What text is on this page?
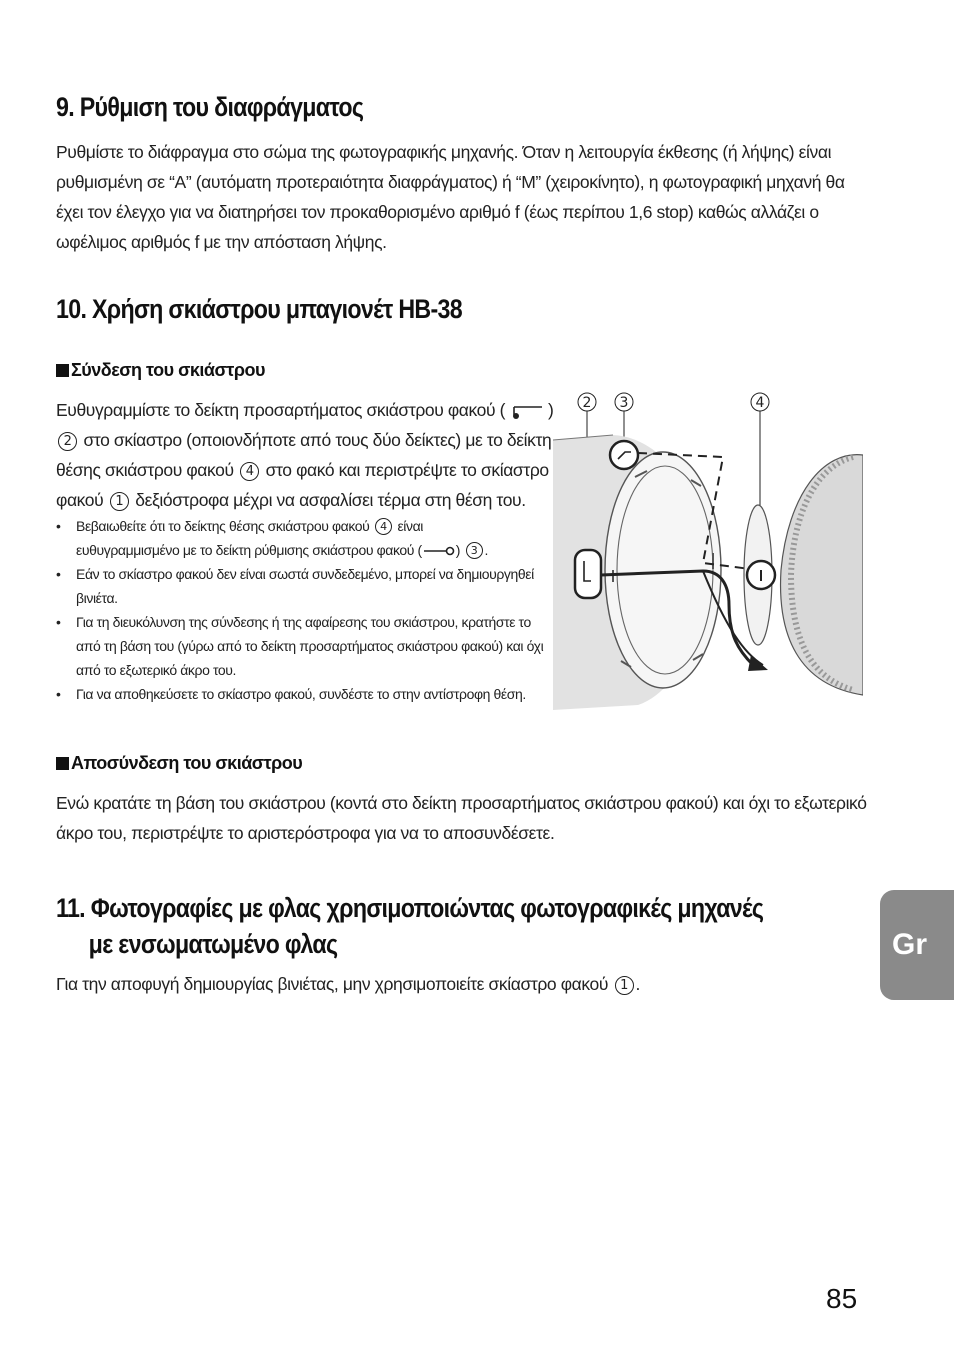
9. Ρύθμιση του διαφράγματος

Ρυθμίστε το διάφραγμα στο σώμα της φωτογραφικής μηχανής. Όταν η λειτουργία έκθεσης (ή λήψης) είναι ρυθμισμένη σε “A” (αυτόματη προτεραιότητα διαφράγματος) ή “M” (χειροκίνητο), η φωτογραφική μηχανή θα έχει τον έλεγχο για να διατηρήσει τον προκαθορισμένο αριθμό f (έως περίπου 1,6 stop) καθώς αλλάζει ο ωφέλιμος αριθμός f με την απόσταση λήψης.

10. Χρήση σκιάστρου μπαγιονέτ HB-38
Σύνδεση του σκιάστρου
Ευθυγραμμίστε το δείκτη προσαρτήματος σκιάστρου φακού ( )
2 στο σκίαστρο (οποιονδήποτε από τους δύο δείκτες) με το δείκτη
θέσης σκιάστρου φακού 4 στο φακό και περιστρέψτε το σκίαστρο
φακού 1 δεξιόστροφα μέχρι να ασφαλίσει τέρμα στη θέση του.
• Βεβαιωθείτε ότι το δείκτης θέσης σκιάστρου φακού 4 είναι
ευθυγραμμισμένο με το δείκτη ρύθμισης σκιάστρου φακού ( ) 3 .
• Εάν το σκίαστρο φακού δεν είναι σωστά συνδεδεμένο, μπορεί να δημιουργηθεί βινιέτα.
• Για τη διευκόλυνση της σύνδεσης ή της αφαίρεσης του σκιάστρου, κρατήστε το από τη βάση του (γύρω από το δείκτη προσαρτήματος σκιάστρου φακού) και όχι από το εξωτερικό άκρο του.
• Για να αποθηκεύσετε το σκίαστρο φακού, συνδέστε το στην αντίστροφη θέση.
2 3	4
Αποσύνδεση του σκιάστρου

Ενώ κρατάτε τη βάση του σκιάστρου (κοντά στο δείκτη προσαρτήματος σκιάστρου φακού) και όχι το εξωτερικό άκρο του, περιστρέψτε το αριστερόστροφα για να το αποσυνδέσετε.

11. Φωτογραφίες με φλας χρησιμοποιώντας φωτογραφικές μηχανές
με ενσωματωμένο φλας

Για την αποφυγή δημιουργίας βινιέτας, μην χρησιμοποιείτε σκίαστρο φακού 1 .

Gr
85
